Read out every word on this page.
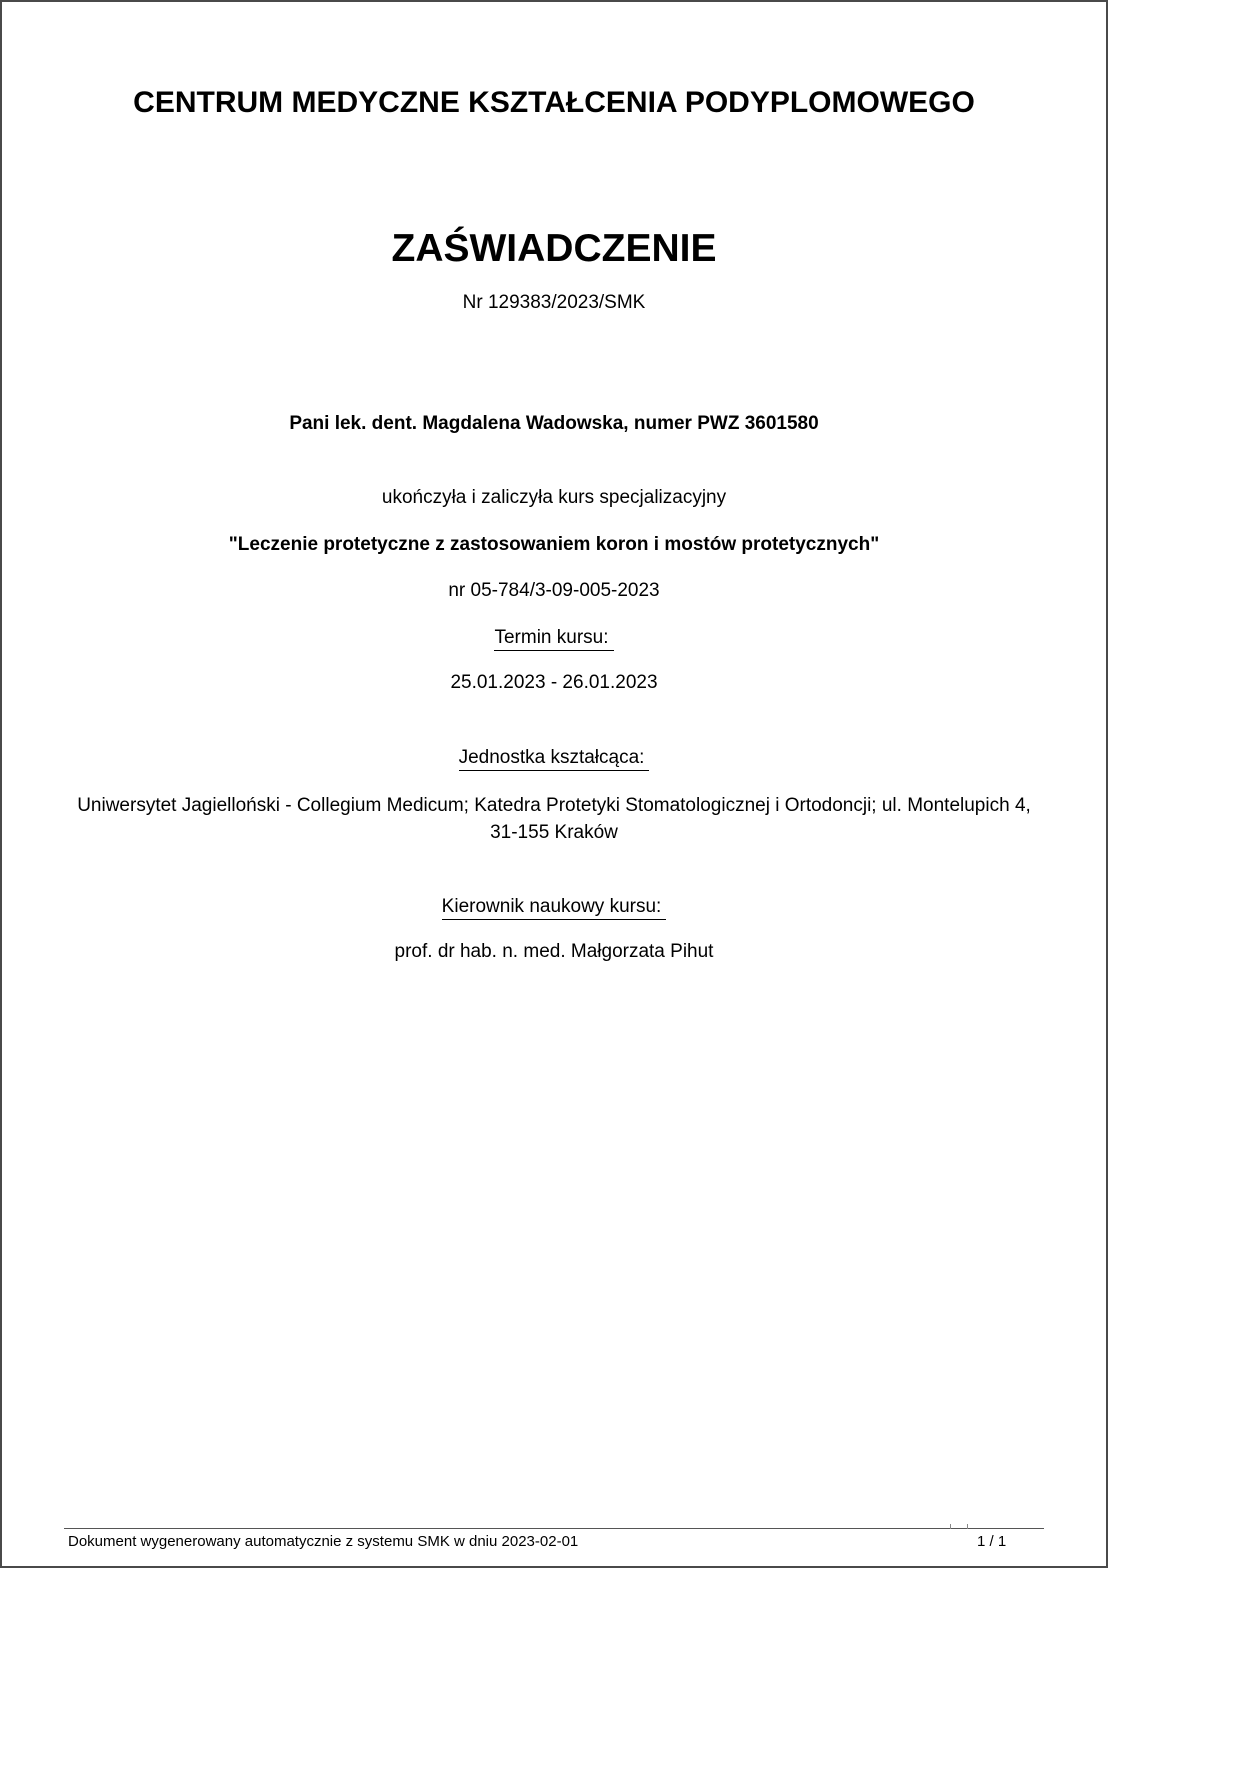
CENTRUM MEDYCZNE KSZTAŁCENIA PODYPLOMOWEGO
ZAŚWIADCZENIE
Nr 129383/2023/SMK
Pani lek. dent. Magdalena Wadowska, numer PWZ 3601580
ukończyła i zaliczyła kurs specjalizacyjny
"Leczenie protetyczne z zastosowaniem koron i mostów protetycznych"
nr 05-784/3-09-005-2023
Termin kursu:
25.01.2023 - 26.01.2023
Jednostka kształcąca:
Uniwersytet Jagielloński - Collegium Medicum; Katedra Protetyki Stomatologicznej i Ortodoncji; ul. Montelupich 4, 31-155 Kraków
Kierownik naukowy kursu:
prof. dr hab. n. med. Małgorzata Pihut
Dokument wygenerowany automatycznie z systemu SMK w dniu 2023-02-01	1 / 1
